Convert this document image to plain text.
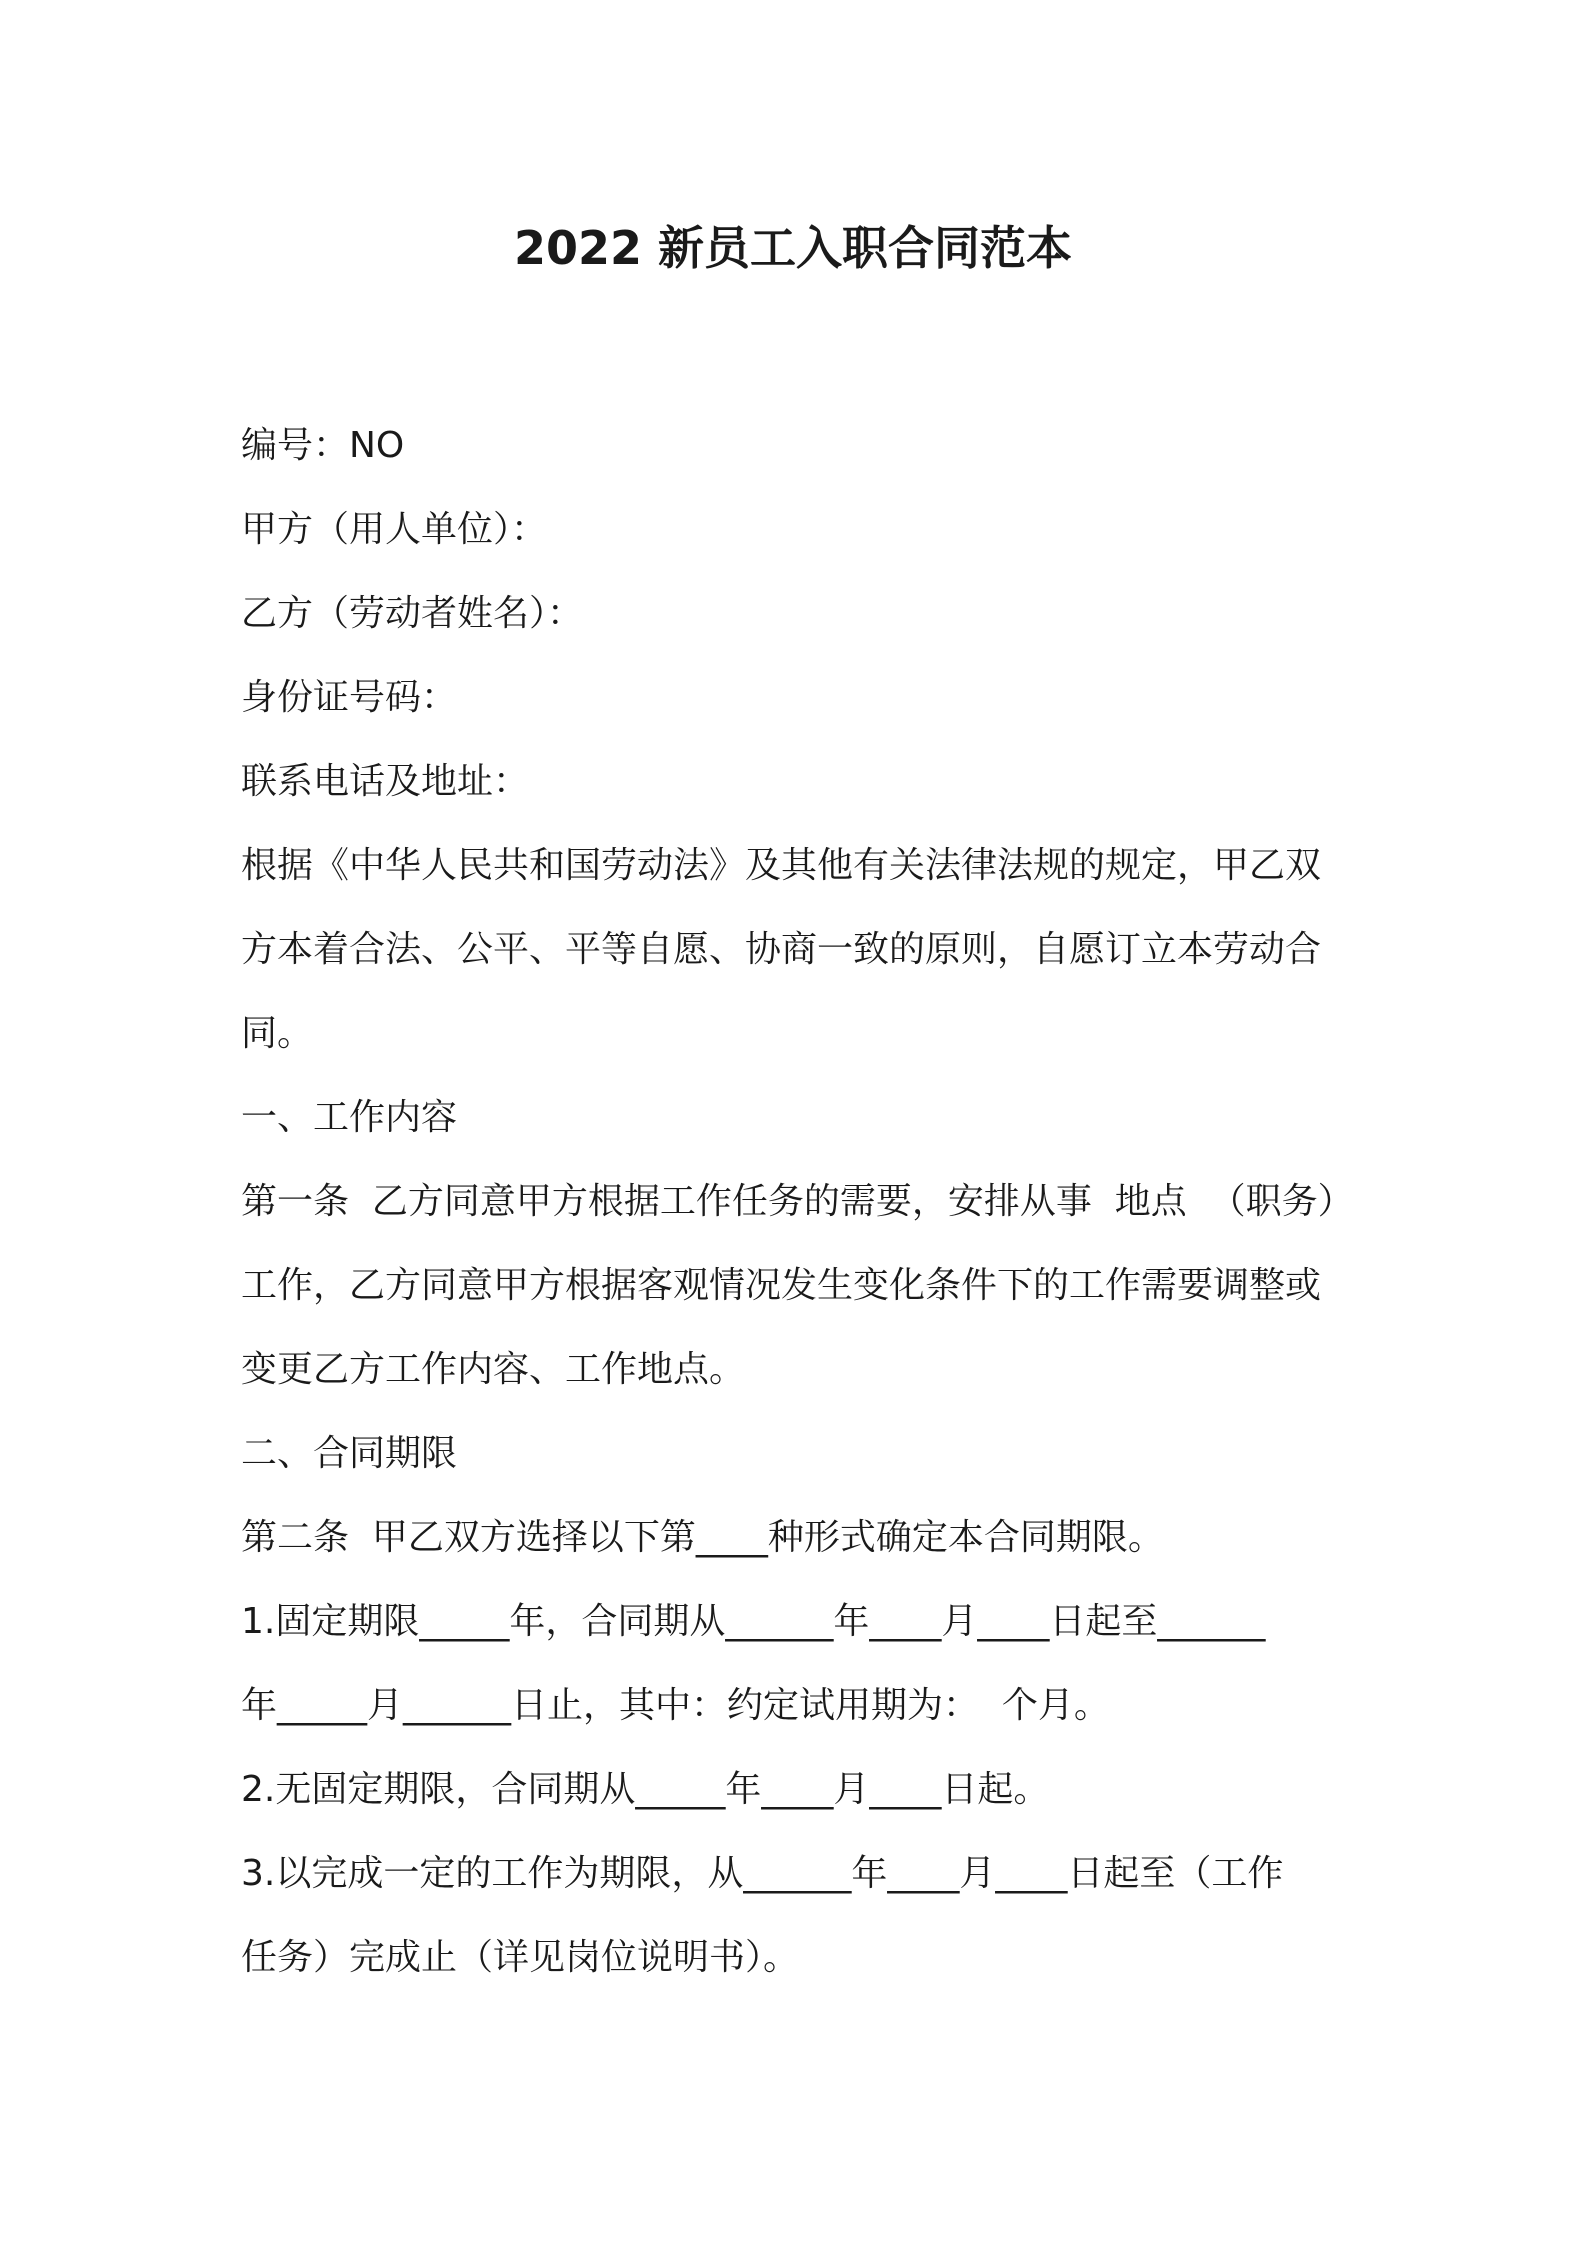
2022 新员工入职合同范本

编号：NO

甲方（用人单位）：

乙方（劳动者姓名）：

身份证号码：

联系电话及地址：

根据《中华人民共和国劳动法》及其他有关法律法规的规定，甲乙双

方本着合法、公平、平等自愿、协商一致的原则，自愿订立本劳动合

同。

一、工作内容

第一条  乙方同意甲方根据工作任务的需要，安排从事  地点  （职务）

工作，乙方同意甲方根据客观情况发生变化条件下的工作需要调整或

变更乙方工作内容、工作地点。

二、合同期限

第二条  甲乙双方选择以下第____种形式确定本合同期限。

1.固定期限_____年，合同期从______年____月____日起至______

年_____月______日止，其中：约定试用期为：  个月。

2.无固定期限，合同期从_____年____月____日起。

3.以完成一定的工作为期限，从______年____月____日起至（工作

任务）完成止（详见岗位说明书）。
